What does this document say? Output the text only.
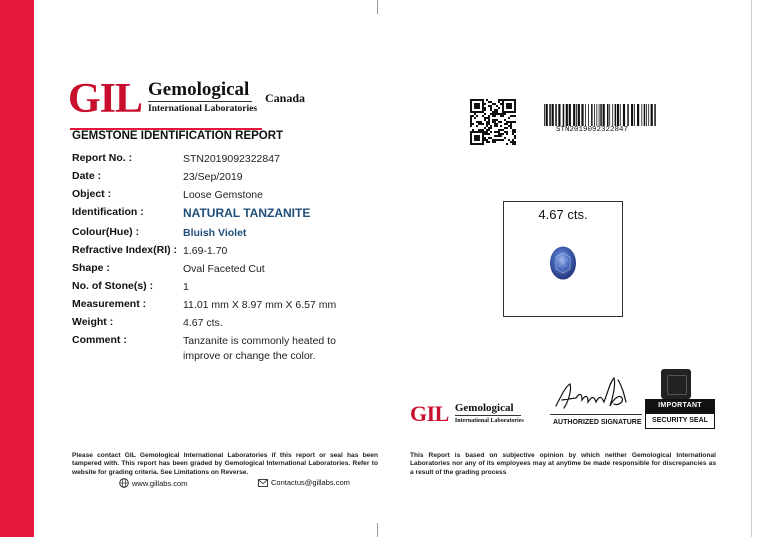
GIL Gemological
International Laboratories
Canada
GEMSTONE IDENTIFICATION REPORT
Report No. :	STN2019092322847
Date :	23/Sep/2019
Object :	Loose Gemstone
Identification :	NATURAL TANZANITE
Colour(Hue) :	Bluish Violet
Refractive Index(RI) : 1.69-1.70
Shape :	Oval Faceted Cut
No. of Stone(s) :	1
Measurement :	11.01 mm X 8.97 mm X 6.57 mm
Weight :	4.67 cts.
Comment :	Tanzanite is commonly heated to improve or change the color.
STN2019092322847
4.67 cts.
AUTHORIZED SIGNATURE
GIL Gemological
International Laboratories
IMPORTANT
SECURITY SEAL
Please contact GIL Gemological International Laboratories if this report or seal has been tampered with. This report has been graded by Gemological International Laboratories. Refer to website for grading criteria. See Limitations on Reverse.
This Report is based on subjective opinion by which neither Gemological International Laboratories nor any of its employees may at anytime be made responsible for discrepancies as a result of the grading process
www.gillabs.com	Contactus@gillabs.com
